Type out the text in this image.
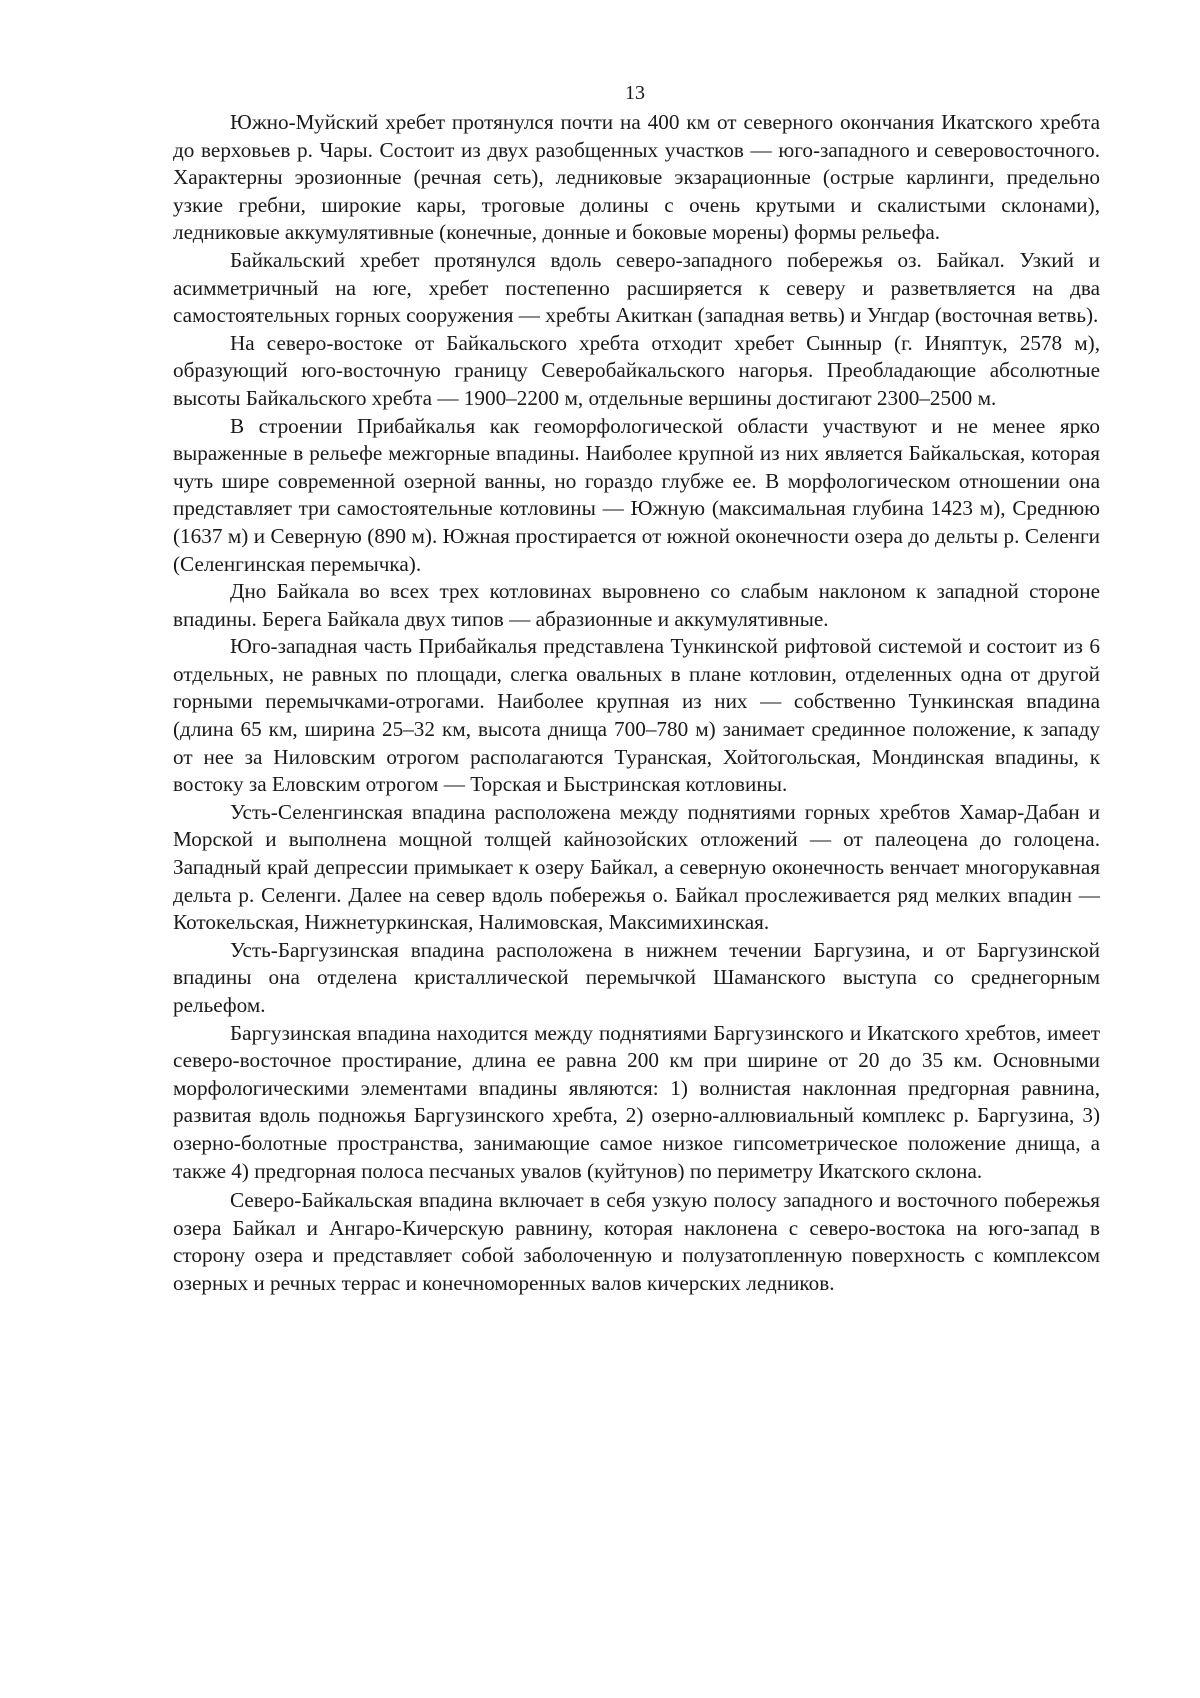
13

Южно-Муйский хребет протянулся почти на 400 км от северного окончания Икатского хребта до верховьев р. Чары. Состоит из двух разобщенных участков — юго-западного и северовосточного. Характерны эрозионные (речная сеть), ледниковые экзарационные (острые карлинги, предельно узкие гребни, широкие кары, троговые долины с очень крутыми и скалистыми склонами), ледниковые аккумулятивные (конечные, донные и боковые морены) формы рельефа.

Байкальский хребет протянулся вдоль северо-западного побережья оз. Байкал. Узкий и асимметричный на юге, хребет постепенно расширяется к северу и разветвляется на два самостоятельных горных сооружения — хребты Акиткан (западная ветвь) и Унгдар (восточная ветвь).

На северо-востоке от Байкальского хребта отходит хребет Сынныр (г. Иняптук, 2578 м), образующий юго-восточную границу Северобайкальского нагорья. Преобладающие абсолютные высоты Байкальского хребта — 1900–2200 м, отдельные вершины достигают 2300–2500 м.

В строении Прибайкалья как геоморфологической области участвуют и не менее ярко выраженные в рельефе межгорные впадины. Наиболее крупной из них является Байкальская, которая чуть шире современной озерной ванны, но гораздо глубже ее. В морфологическом отношении она представляет три самостоятельные котловины — Южную (максимальная глубина 1423 м), Среднюю (1637 м) и Северную (890 м). Южная простирается от южной оконечности озера до дельты р. Селенги (Селенгинская перемычка).

Дно Байкала во всех трех котловинах выровнено со слабым наклоном к западной стороне впадины. Берега Байкала двух типов — абразионные и аккумулятивные.

Юго-западная часть Прибайкалья представлена Тункинской рифтовой системой и состоит из 6 отдельных, не равных по площади, слегка овальных в плане котловин, отделенных одна от другой горными перемычками-отрогами. Наиболее крупная из них — собственно Тункинская впадина (длина 65 км, ширина 25–32 км, высота днища 700–780 м) занимает срединное положение, к западу от нее за Ниловским отрогом располагаются Туранская, Хойтогольская, Мондинская впадины, к востоку за Еловским отрогом — Торская и Быстринская котловины.

Усть-Селенгинская впадина расположена между поднятиями горных хребтов Хамар-Дабан и Морской и выполнена мощной толщей кайнозойских отложений — от палеоцена до голоцена. Западный край депрессии примыкает к озеру Байкал, а северную оконечность венчает многорукавная дельта р. Селенги. Далее на север вдоль побережья о. Байкал прослеживается ряд мелких впадин — Котокельская, Нижнетуркинская, Налимовская, Максимихинская.

Усть-Баргузинская впадина расположена в нижнем течении Баргузина, и от Баргузинской впадины она отделена кристаллической перемычкой Шаманского выступа со среднегорным рельефом.

Баргузинская впадина находится между поднятиями Баргузинского и Икатского хребтов, имеет северо-восточное простирание, длина ее равна 200 км при ширине от 20 до 35 км. Основными морфологическими элементами впадины являются: 1) волнистая наклонная предгорная равнина, развитая вдоль подножья Баргузинского хребта, 2) озерно-аллювиальный комплекс р. Баргузина, 3) озерно-болотные пространства, занимающие самое низкое гипсометрическое положение днища, а также 4) предгорная полоса песчаных увалов (куйтунов) по периметру Икатского склона.

Северо-Байкальская впадина включает в себя узкую полосу западного и восточного побережья озера Байкал и Ангаро-Кичерскую равнину, которая наклонена с северо-востока на юго-запад в сторону озера и представляет собой заболоченную и полузатопленную поверхность с комплексом озерных и речных террас и конечноморенных валов кичерских ледников.
